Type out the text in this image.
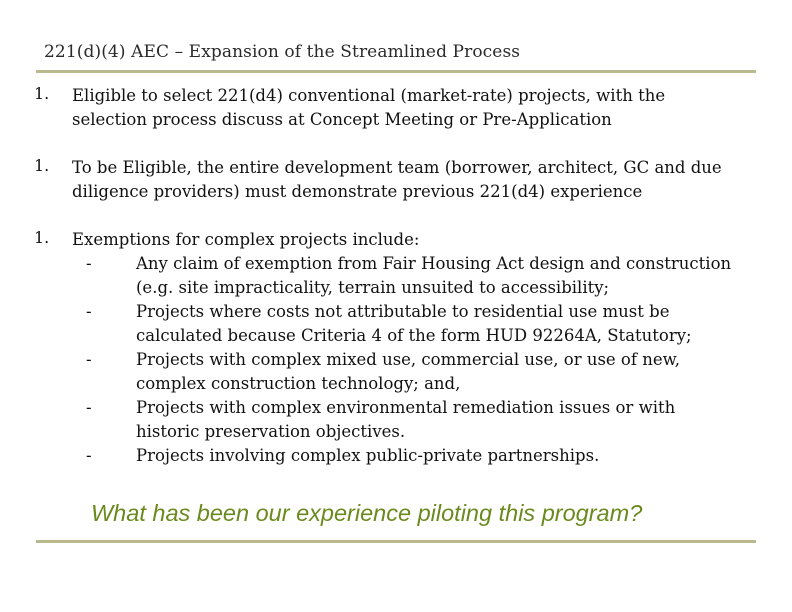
221(d)(4) AEC – Expansion of the Streamlined Process
1. Eligible to select 221(d4) conventional (market-rate) projects, with the
selection process discuss at Concept Meeting or Pre-Application
1. To be Eligible, the entire development team (borrower, architect, GC and due
diligence providers) must demonstrate previous 221(d4) experience
1. Exemptions for complex projects include:
-	Any claim of exemption from Fair Housing Act design and construction
(e.g. site impracticality, terrain unsuited to accessibility;
-	Projects where costs not attributable to residential use must be
calculated because Criteria 4 of the form HUD 92264A, Statutory;
-	Projects with complex mixed use, commercial use, or use of new,
complex construction technology; and,
-	Projects with complex environmental remediation issues or with
historic preservation objectives.
-	Projects involving complex public-private partnerships.
What has been our experience piloting this program?
